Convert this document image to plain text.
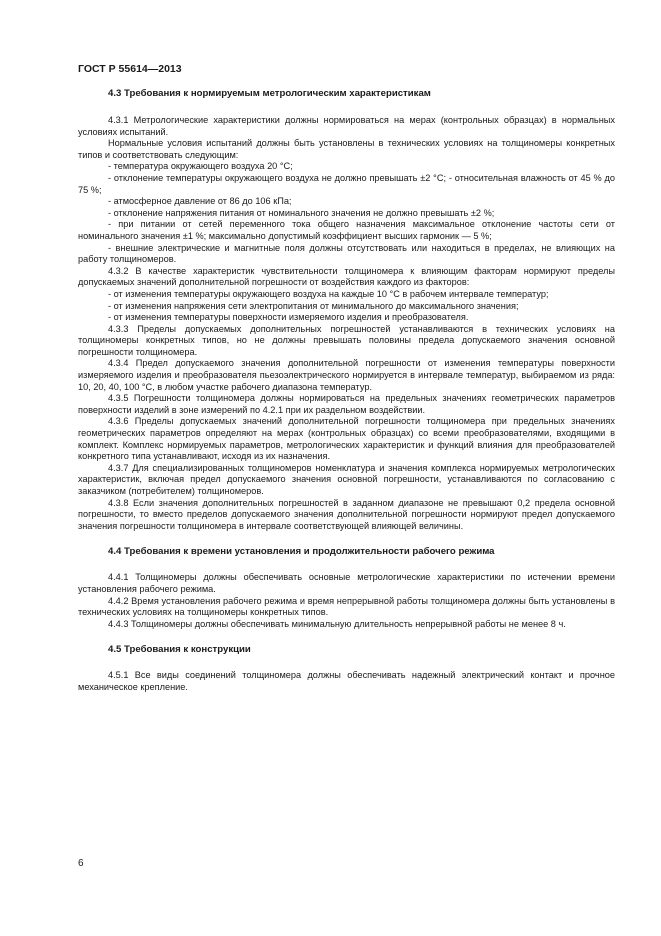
ГОСТ Р 55614—2013
4.3 Требования к нормируемым метрологическим характеристикам

4.3.1 Метрологические характеристики должны нормироваться на мерах (контрольных образцах) в нормальных условиях испытаний.

Нормальные условия испытаний должны быть установлены в технических условиях на толщиномеры конкретных типов и соответствовать следующим:

- температура окружающего воздуха 20 °С;

- отклонение температуры окружающего воздуха не должно превышать ±2 °С; - относительная влажность от 45 % до 75 %;

- атмосферное давление от 86 до 106 кПа;

- отклонение напряжения питания от номинального значения не должно превышать ±2 %;

- при питании от сетей переменного тока общего назначения максимальное отклонение частоты сети от номинального значения ±1 %; максимально допустимый коэффициент высших гармоник — 5 %;

- внешние электрические и магнитные поля должны отсутствовать или находиться в пределах, не влияющих на работу толщиномеров.

4.3.2 В качестве характеристик чувствительности толщиномера к влияющим факторам нормируют пределы допускаемых значений дополнительной погрешности от воздействия каждого из факторов:

- от изменения температуры окружающего воздуха на каждые 10 °С в рабочем интервале температур;

- от изменения напряжения сети электропитания от минимального до максимального значения;

- от изменения температуры поверхности измеряемого изделия и преобразователя.

4.3.3 Пределы допускаемых дополнительных погрешностей устанавливаются в технических условиях на толщиномеры конкретных типов, но не должны превышать половины предела допускаемого значения основной погрешности толщиномера.

4.3.4 Предел допускаемого значения дополнительной погрешности от изменения температуры поверхности измеряемого изделия и преобразователя пьезоэлектрического нормируется в интервале температур, выбираемом из ряда: 10, 20, 40, 100 °С, в любом участке рабочего диапазона температур.

4.3.5 Погрешности толщиномера должны нормироваться на предельных значениях геометрических параметров поверхности изделий в зоне измерений по 4.2.1 при их раздельном воздействии.

4.3.6 Пределы допускаемых значений дополнительной погрешности толщиномера при предельных значениях геометрических параметров определяют на мерах (контрольных образцах) со всеми преобразователями, входящими в комплект. Комплекс нормируемых параметров, метрологических характеристик и функций влияния для преобразователей конкретного типа устанавливают, исходя из их назначения.

4.3.7 Для специализированных толщиномеров номенклатура и значения комплекса нормируемых метрологических характеристик, включая предел допускаемого значения основной погрешности, устанавливаются по согласованию с заказчиком (потребителем) толщиномеров.

4.3.8 Если значения дополнительных погрешностей в заданном диапазоне не превышают 0,2 предела основной погрешности, то вместо пределов допускаемого значения дополнительной погрешности нормируют предел допускаемого значения погрешности толщиномера в интервале соответствующей влияющей величины.

4.4 Требования к времени установления и продолжительности рабочего режима

4.4.1 Толщиномеры должны обеспечивать основные метрологические характеристики по истечении времени установления рабочего режима.

4.4.2 Время установления рабочего режима и время непрерывной работы толщиномера должны быть установлены в технических условиях на толщиномеры конкретных типов.

4.4.3 Толщиномеры должны обеспечивать минимальную длительность непрерывной работы не менее 8 ч.

4.5 Требования к конструкции

4.5.1 Все виды соединений толщиномера должны обеспечивать надежный электрический контакт и прочное механическое крепление.

6
